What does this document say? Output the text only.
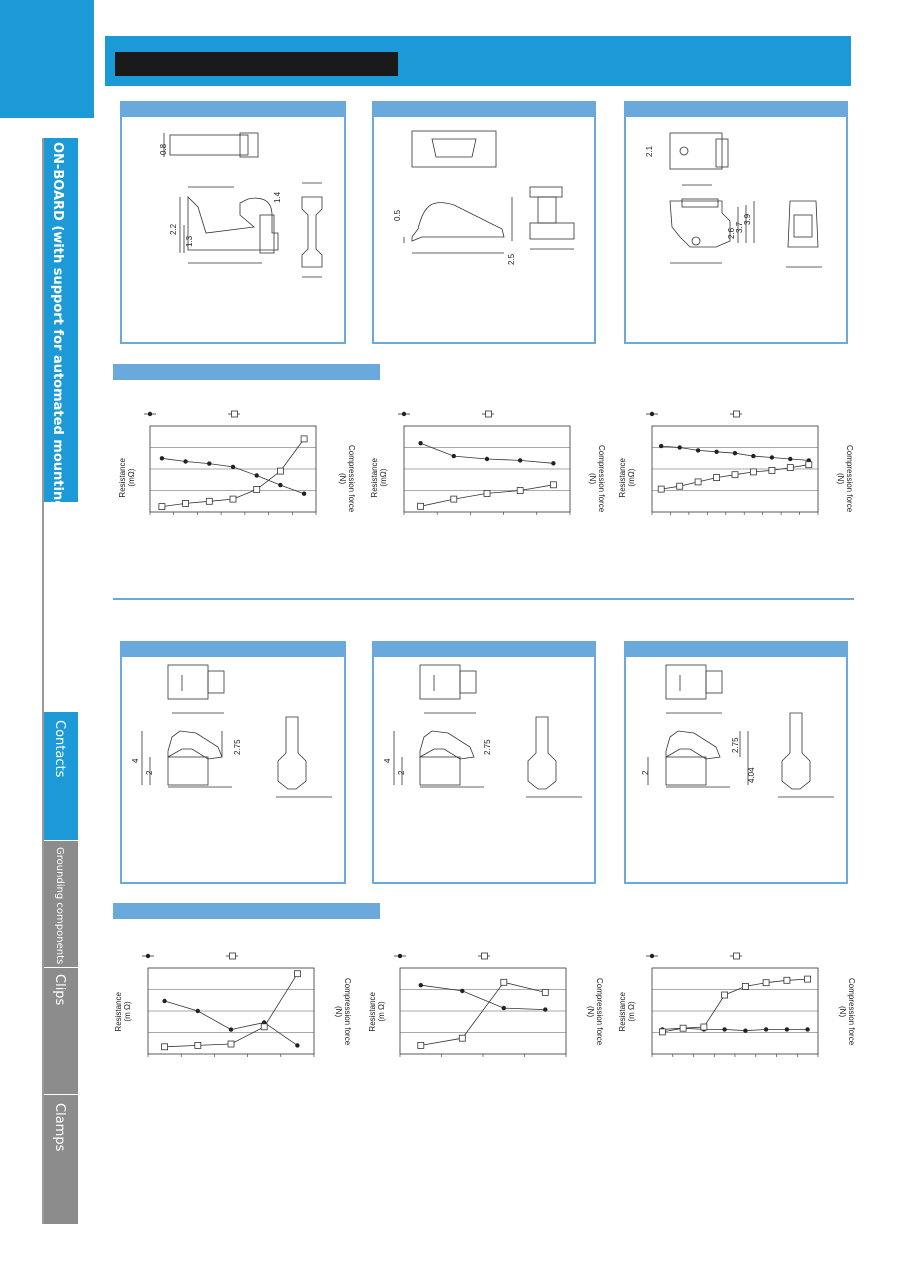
ON-BOARD (with support for automated mounting)
Contacts
Grounding components
Clips
Clamps
0.8
1.4
2.2
1.3
0.5
2.5
2.1
2.6
3.7
3.9
Resistance
(mΩ)	Compression force
(N)	Resistance
(mΩ)	Compression force
(N)	Resistance
(mΩ)	Compression force
(N)
4
2
2.75
4
2
2.75
2
2.75
4.04
Resistance
(m Ω)	Compression force
(N)	Resistance
(m Ω)	Compression force
(N)	Resistance
(m Ω)	Compression force
(N)
